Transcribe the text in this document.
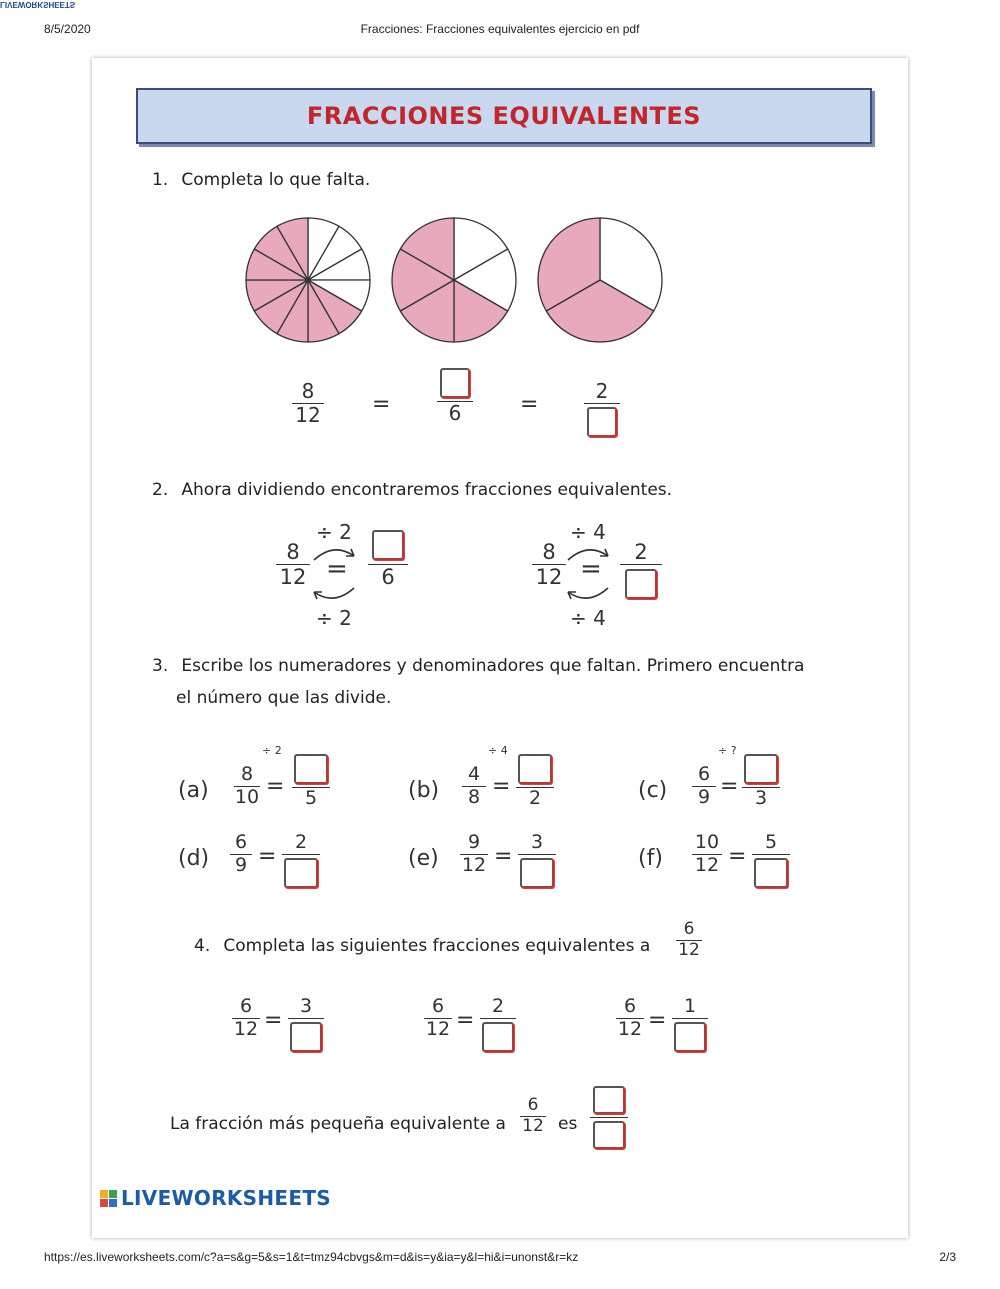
LIVEWORKSHEETS
8/5/2020	Fracciones: Fracciones equivalentes ejercicio en pdf
FRACCIONES EQUIVALENTES

1. Completa lo que falta.
8
12 =	6	=
2
2. Ahora dividiendo encontraremos fracciones equivalentes.
÷ 2
8
12 = 6
÷ 2
÷ 4
8
12 =
2
÷ 4
3. Escribe los numeradores y denominadores que faltan. Primero encuentra
el número que las divide.
(a)
÷ 2
8
10 = 5	(b)
÷ 4
4
8 = 2	(c)
÷ ?
6
9 = 3
(d)
6
9 =
2
(e)
9
12 =
3
(f)
10
12 =
5
4. Completa las siguientes fracciones equivalentes a
6
12
6
12 =
3	6
12 =
2	6
12 =
1
La fracción más pequeña equivalente a
6
12 es
LIVEWORKSHEETS
https://es.liveworksheets.com/c?a=s&g=5&s=1&t=tmz94cbvgs&m=d&is=y&ia=y&l=hi&i=unonst&r=kz	2/3
